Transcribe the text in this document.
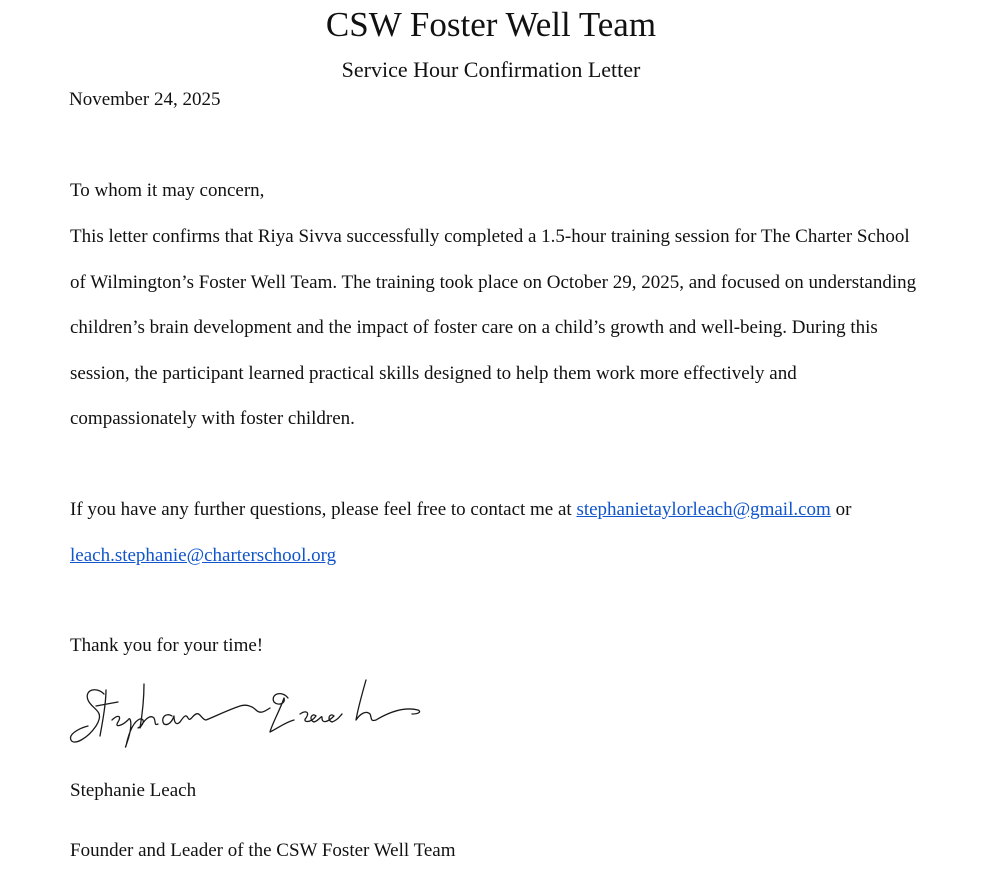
CSW Foster Well Team
Service Hour Confirmation Letter
November 24, 2025
To whom it may concern,

This letter confirms that Riya Sivva successfully completed a 1.5-hour training session for The Charter School of Wilmington’s Foster Well Team. The training took place on October 29, 2025, and focused on understanding children’s brain development and the impact of foster care on a child’s growth and well-being. During this session, the participant learned practical skills designed to help them work more effectively and compassionately with foster children.

If you have any further questions, please feel free to contact me at stephanietaylorleach@gmail.com or leach.stephanie@charterschool.org

Thank you for your time!
Stephanie Leach
Founder and Leader of the CSW Foster Well Team
